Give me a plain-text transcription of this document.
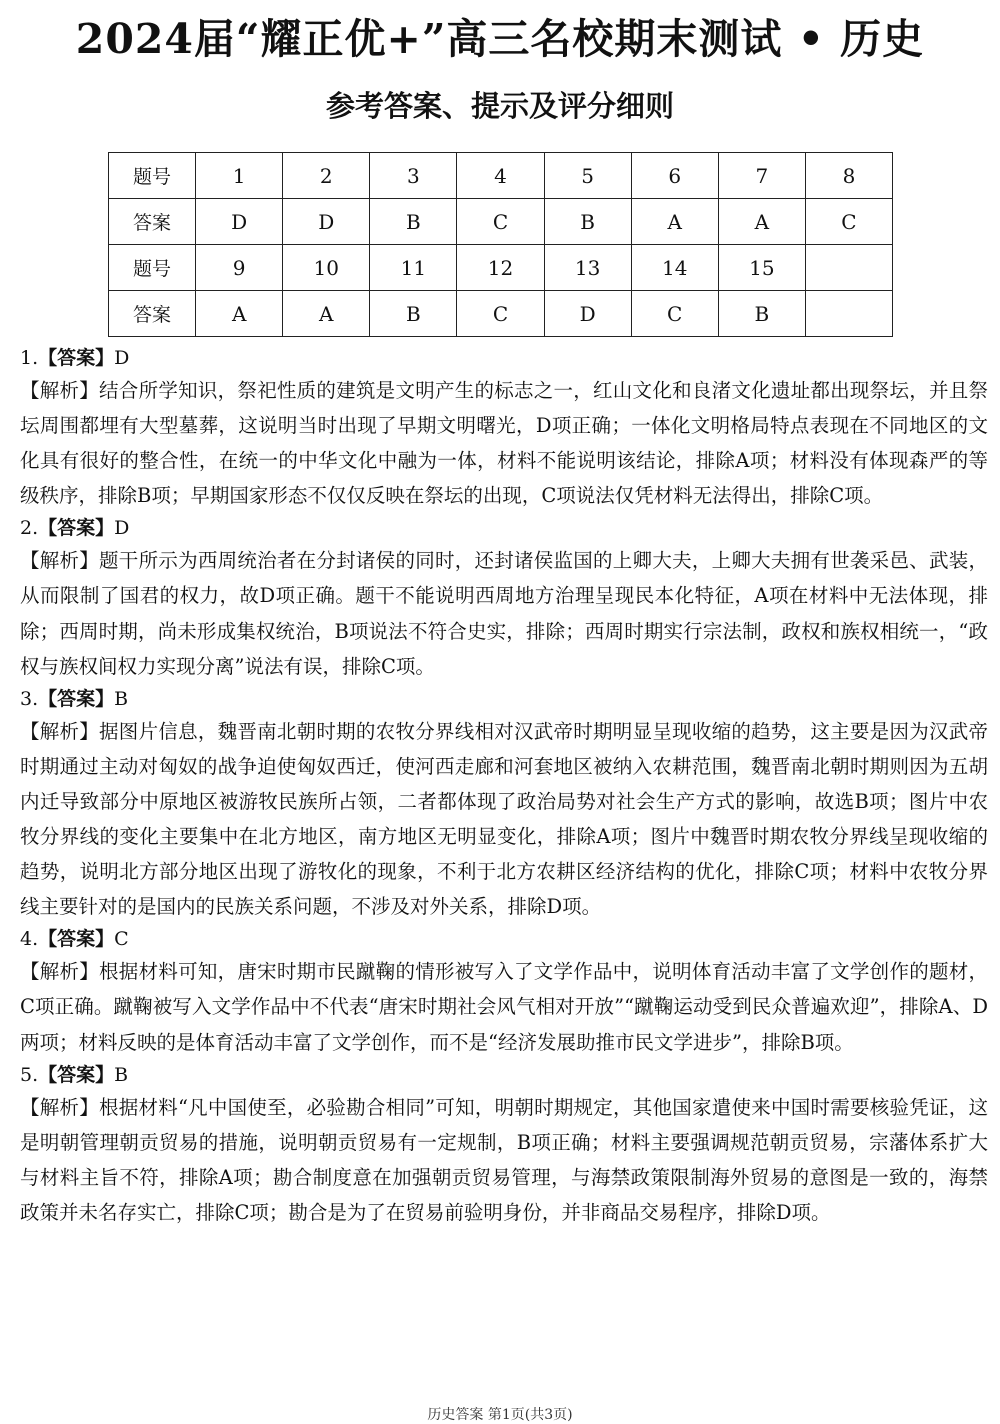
2024届“耀正优+”高三名校期末测试 • 历史
参考答案、提示及评分细则
题号	1	2	3	4	5	6	7	8
答案	D	D	B	C	B	A	A	C
题号	9	10	11	12	13	14	15	
答案	A	A	B	C	D	C	B	
1.【答案】D

【解析】结合所学知识，祭祀性质的建筑是文明产生的标志之一，红山文化和良渚文化遗址都出现祭坛，并且祭坛周围都埋有大型墓葬，这说明当时出现了早期文明曙光，D项正确；一体化文明格局特点表现在不同地区的文化具有很好的整合性，在统一的中华文化中融为一体，材料不能说明该结论，排除A项；材料没有体现森严的等级秩序，排除B项；早期国家形态不仅仅反映在祭坛的出现，C项说法仅凭材料无法得出，排除C项。

2.【答案】D

【解析】题干所示为西周统治者在分封诸侯的同时，还封诸侯监国的上卿大夫，上卿大夫拥有世袭采邑、武装，从而限制了国君的权力，故D项正确。题干不能说明西周地方治理呈现民本化特征，A项在材料中无法体现，排除；西周时期，尚未形成集权统治，B项说法不符合史实，排除；西周时期实行宗法制，政权和族权相统一，“政权与族权间权力实现分离”说法有误，排除C项。

3.【答案】B

【解析】据图片信息，魏晋南北朝时期的农牧分界线相对汉武帝时期明显呈现收缩的趋势，这主要是因为汉武帝时期通过主动对匈奴的战争迫使匈奴西迁，使河西走廊和河套地区被纳入农耕范围，魏晋南北朝时期则因为五胡内迁导致部分中原地区被游牧民族所占领，二者都体现了政治局势对社会生产方式的影响，故选B项；图片中农牧分界线的变化主要集中在北方地区，南方地区无明显变化，排除A项；图片中魏晋时期农牧分界线呈现收缩的趋势，说明北方部分地区出现了游牧化的现象，不利于北方农耕区经济结构的优化，排除C项；材料中农牧分界线主要针对的是国内的民族关系问题，不涉及对外关系，排除D项。

4.【答案】C

【解析】根据材料可知，唐宋时期市民蹴鞠的情形被写入了文学作品中，说明体育活动丰富了文学创作的题材，C项正确。蹴鞠被写入文学作品中不代表“唐宋时期社会风气相对开放”“蹴鞠运动受到民众普遍欢迎”，排除A、D两项；材料反映的是体育活动丰富了文学创作，而不是“经济发展助推市民文学进步”，排除B项。

5.【答案】B

【解析】根据材料“凡中国使至，必验勘合相同”可知，明朝时期规定，其他国家遣使来中国时需要核验凭证，这是明朝管理朝贡贸易的措施，说明朝贡贸易有一定规制，B项正确；材料主要强调规范朝贡贸易，宗藩体系扩大与材料主旨不符，排除A项；勘合制度意在加强朝贡贸易管理，与海禁政策限制海外贸易的意图是一致的，海禁政策并未名存实亡，排除C项；勘合是为了在贸易前验明身份，并非商品交易程序，排除D项。

历史答案 第1页(共3页)
